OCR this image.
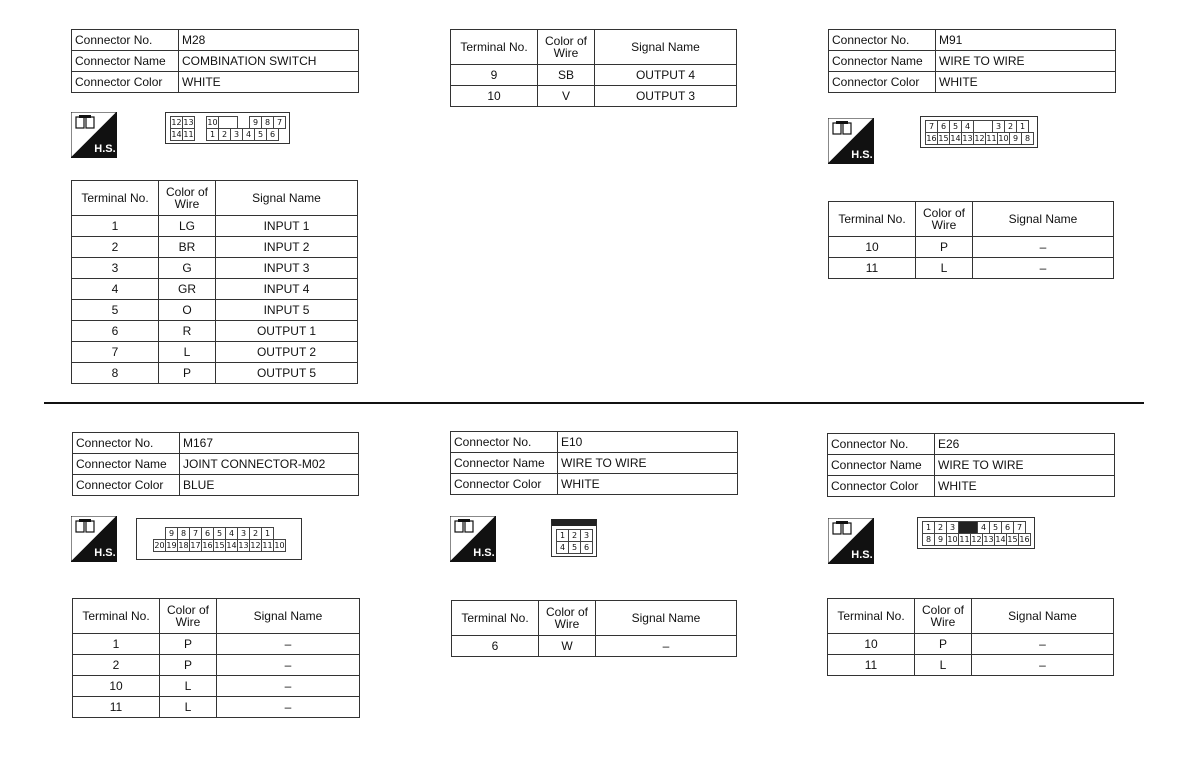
Connector No.	M28
Connector Name	COMBINATION SWITCH
Connector Color	WHITE
H.S.
12 13 10	9 8 7
14 11	1 2 3 4 5 6
Terminal No.	Color of Wire	Signal Name
1	LG	INPUT 1
2	BR	INPUT 2
3	G	INPUT 3
4	GR	INPUT 4
5	O	INPUT 5
6	R	OUTPUT 1
7	L	OUTPUT 2
8	P	OUTPUT 5
Terminal No.	Color of Wire	Signal Name
9	SB	OUTPUT 4
10	V	OUTPUT 3
Connector No.	M91
Connector Name	WIRE TO WIRE
Connector Color	WHITE
H.S.
7 6 5 4	3 2 1
16 15 14 13 12 11 10 9 8
Terminal No.	Color of Wire	Signal Name
10	P	–
11	L	–
Connector No.	M167
Connector Name	JOINT CONNECTOR-M02
Connector Color	BLUE
H.S.
9 8 7 6 5 4 3 2 1
20 19 18 17 16 15 14 13 12 11 10
Terminal No.	Color of Wire	Signal Name
1	P	–
2	P	–
10	L	–
11	L	–
Connector No.	E10
Connector Name	WIRE TO WIRE
Connector Color	WHITE
H.S.
1 2 3
4 5 6
Terminal No.	Color of Wire	Signal Name
6	W	–
Connector No.	E26
Connector Name	WIRE TO WIRE
Connector Color	WHITE
H.S.
1 2 3	4 5 6 7
8 9 10 11 12 13 14 15 16
Terminal No.	Color of Wire	Signal Name
10	P	–
11	L	–
